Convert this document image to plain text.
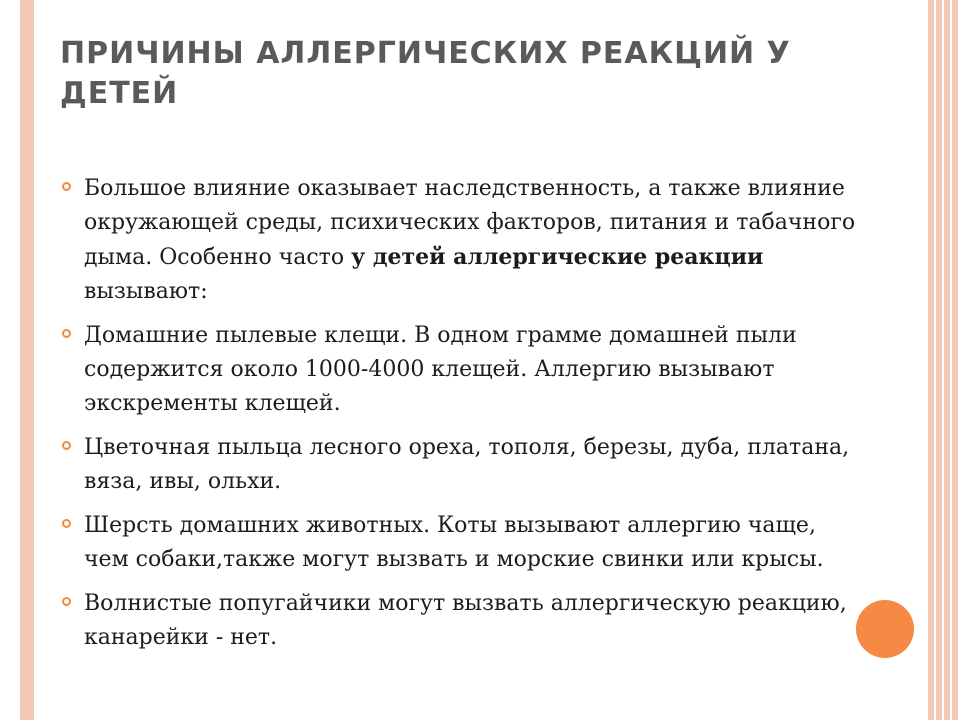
ПРИЧИНЫ АЛЛЕРГИЧЕСКИХ РЕАКЦИЙ У ДЕТЕЙ
Большое влияние оказывает наследственность, а также влияние окружающей среды, психических факторов, питания и табачного дыма. Особенно часто у детей аллергические реакции вызывают:
Домашние пылевые клещи. В одном грамме домашней пыли содержится около 1000-4000 клещей. Аллергию вызывают экскременты клещей.
Цветочная пыльца лесного ореха, тополя, березы, дуба, платана, вяза, ивы, ольхи.
Шерсть домашних животных. Коты вызывают аллергию чаще, чем собаки,также могут вызвать и морские свинки или крысы.
Волнистые попугайчики могут вызвать аллергическую реакцию, канарейки - нет.
